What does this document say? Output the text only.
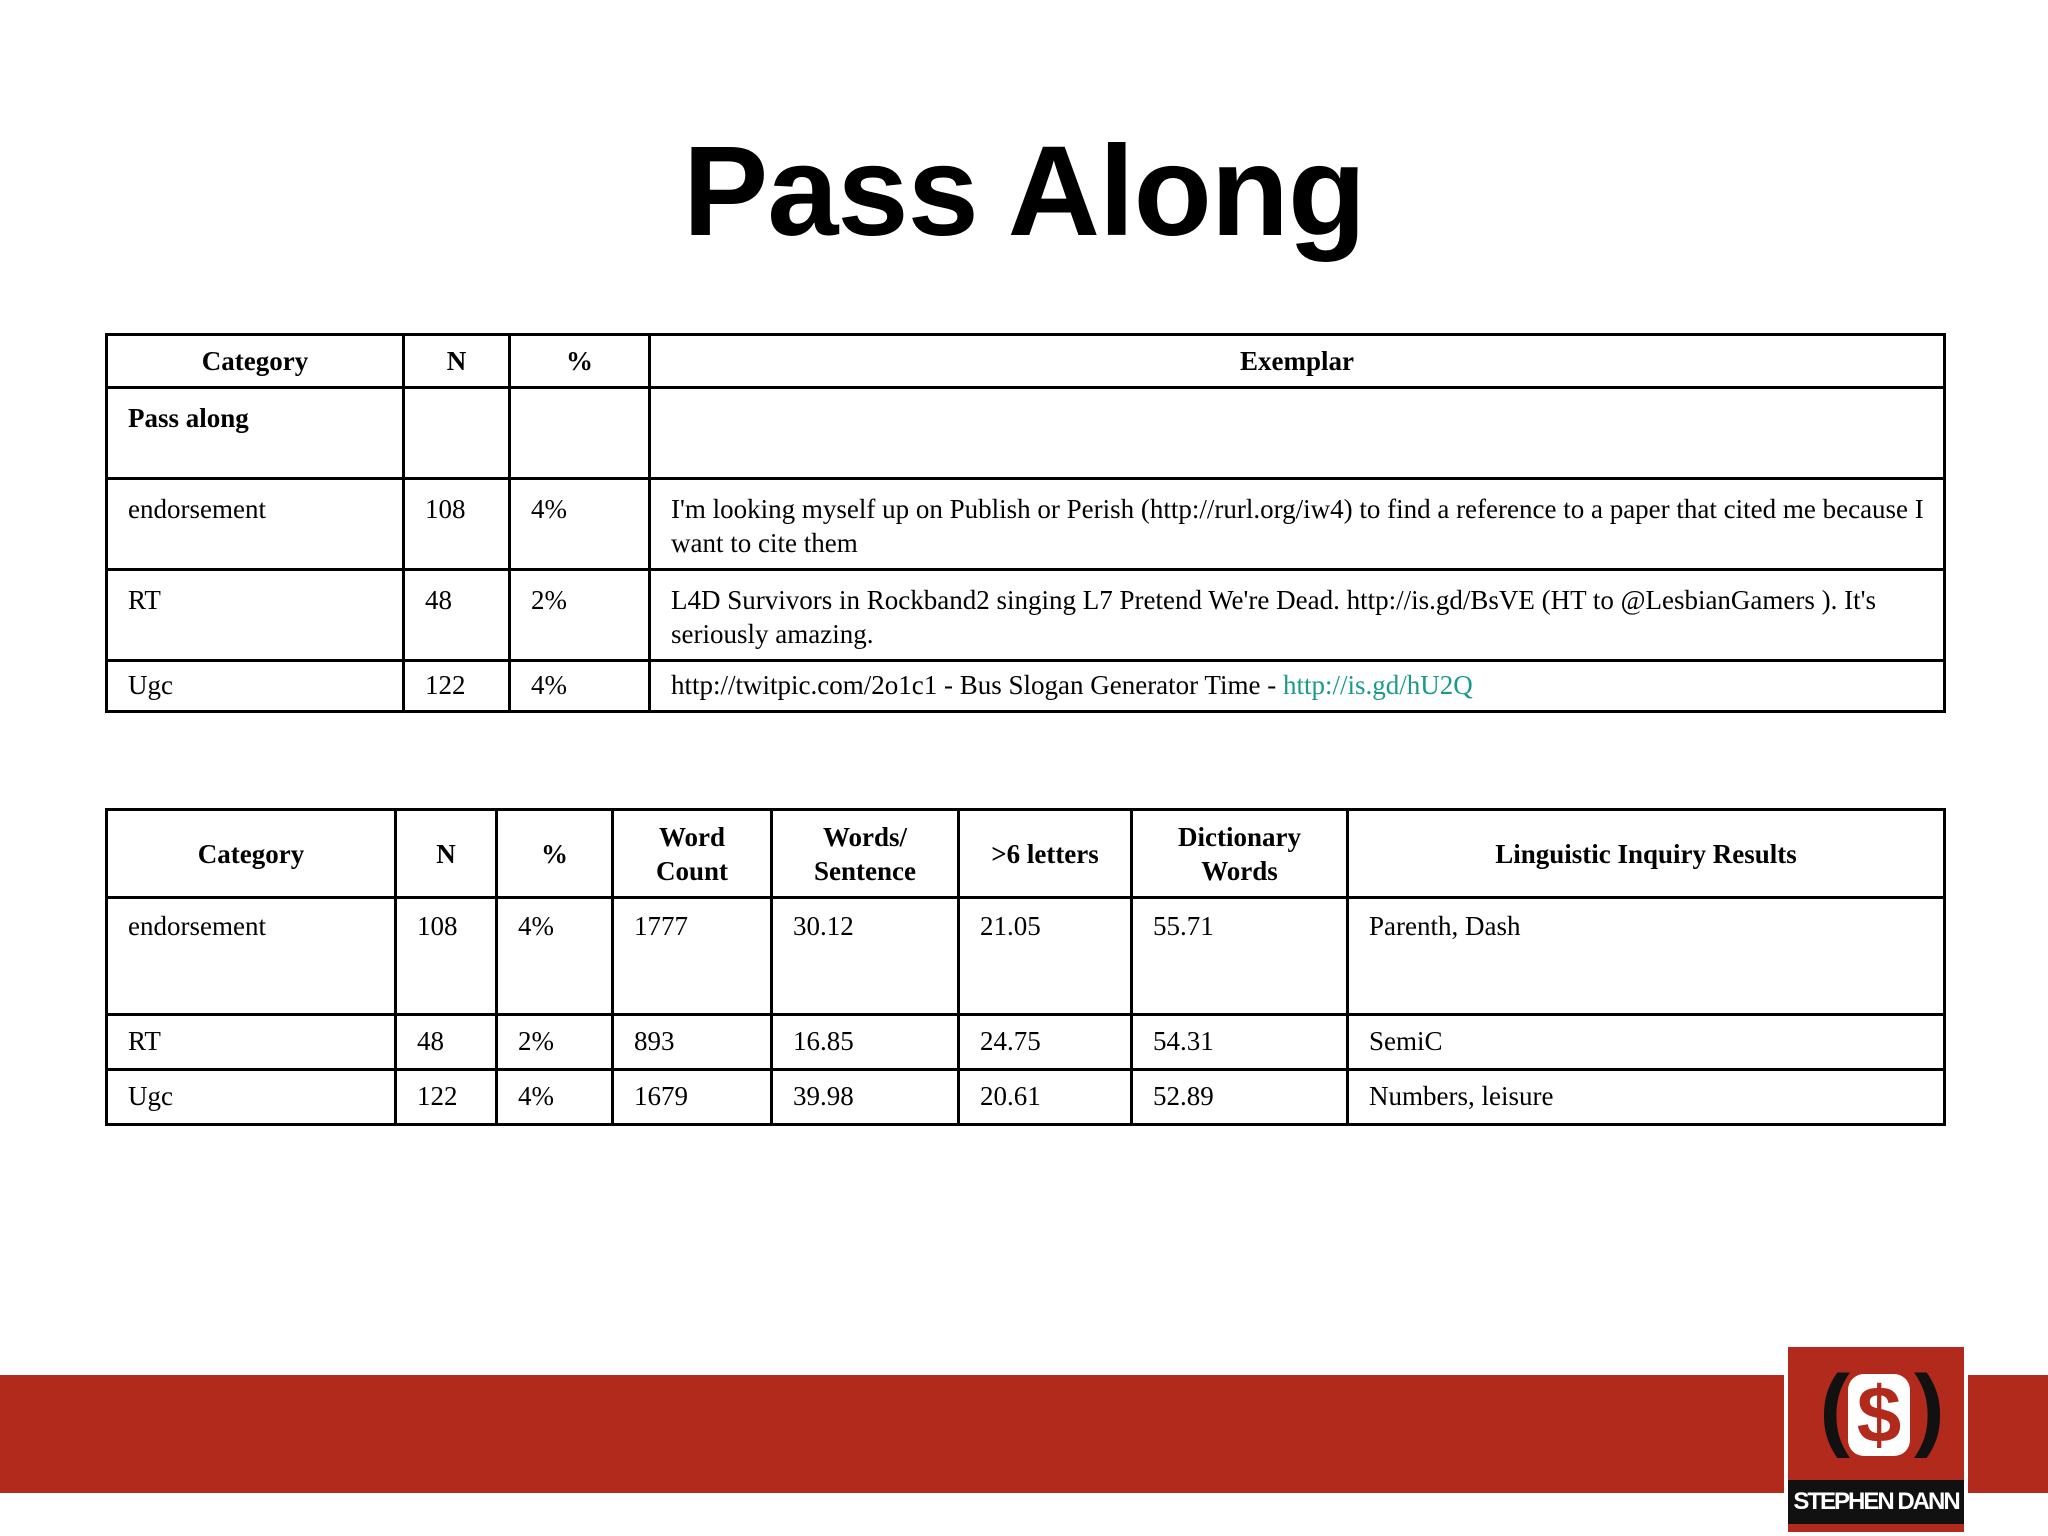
Pass Along
Category	N	%	Exemplar
Pass along			
endorsement	108	4%	I'm looking myself up on Publish or Perish (http://rurl.org/iw4) to find a reference to a paper that cited me because I want to cite them
RT	48	2%	L4D Survivors in Rockband2 singing L7 Pretend We're Dead. http://is.gd/BsVE (HT to @LesbianGamers ). It's seriously amazing.
Ugc	122	4%	http://twitpic.com/2o1c1 - Bus Slogan Generator Time - http://is.gd/hU2Q
Category	N	%	Word Count	Words/ Sentence	>6 letters	Dictionary Words	Linguistic Inquiry Results
endorsement	108	4%	1777	30.12	21.05	55.71	Parenth, Dash
RT	48	2%	893	16.85	24.75	54.31	SemiC
Ugc	122	4%	1679	39.98	20.61	52.89	Numbers, leisure
( $ )
STEPHEN DANN
